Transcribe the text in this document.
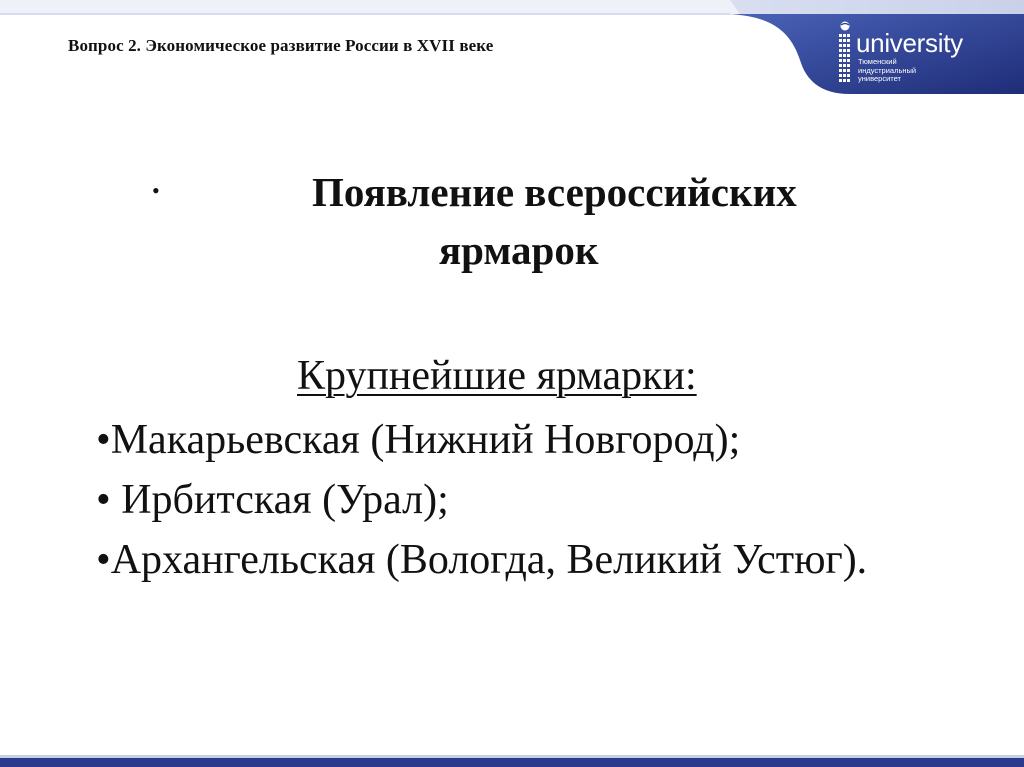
Вопрос 2. Экономическое развитие России в XVII веке	university
Тюменский
индустриальный
университет
•	Появление всероссийских
ярмарок
Крупнейшие ярмарки:
•Макарьевская (Нижний Новгород);
• Ирбитская (Урал);
•Архангельская (Вологда, Великий Устюг).
